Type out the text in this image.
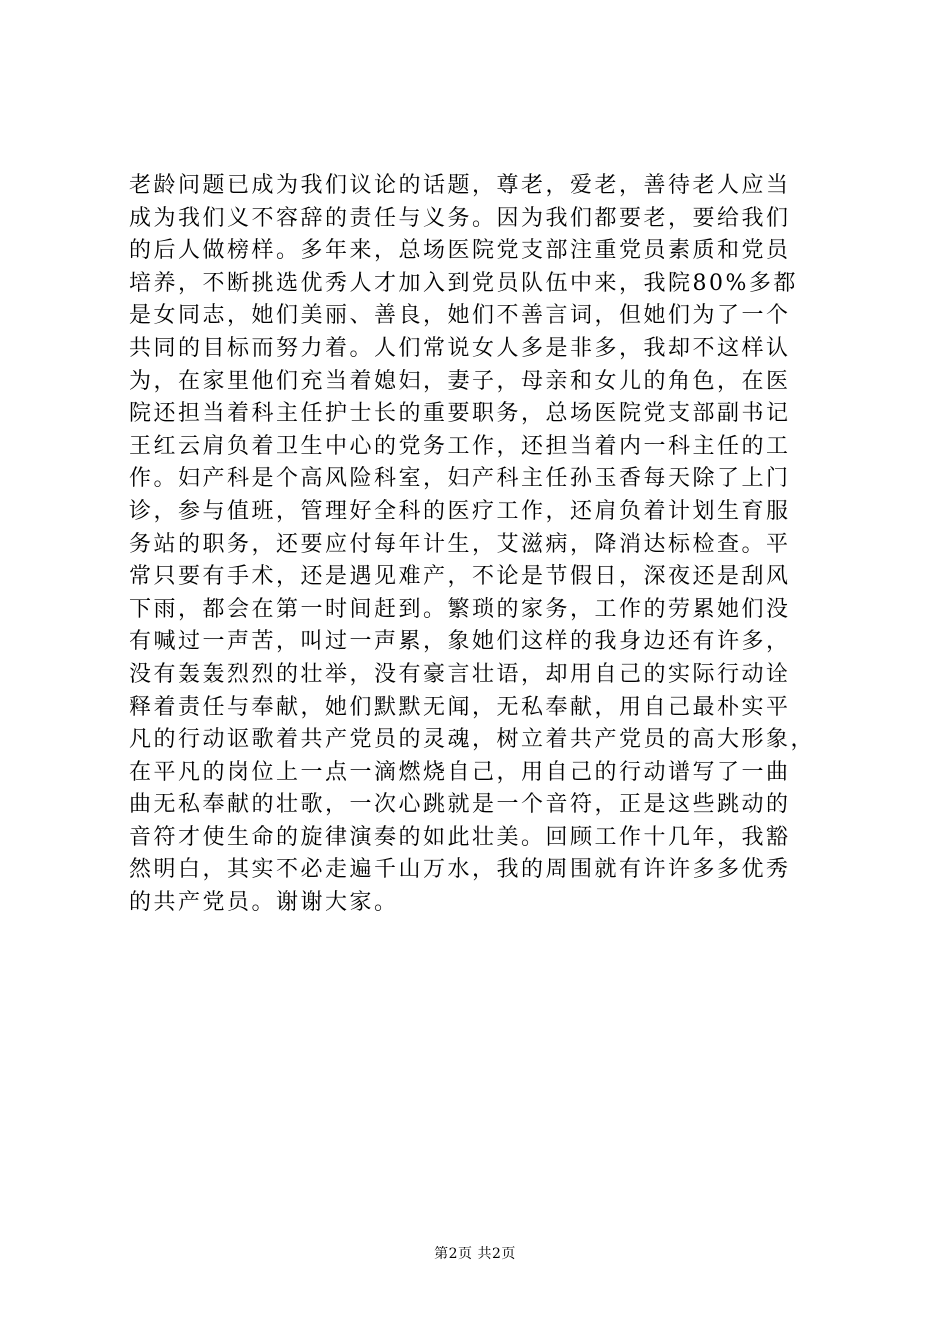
老龄问题已成为我们议论的话题，尊老，爱老，善待老人应当
成为我们义不容辞的责任与义务。因为我们都要老，要给我们
的后人做榜样。多年来，总场医院党支部注重党员素质和党员
培养，不断挑选优秀人才加入到党员队伍中来，我院80%多都
是女同志，她们美丽、善良，她们不善言词，但她们为了一个
共同的目标而努力着。人们常说女人多是非多，我却不这样认
为，在家里他们充当着媳妇，妻子，母亲和女儿的角色，在医
院还担当着科主任护士长的重要职务，总场医院党支部副书记
王红云肩负着卫生中心的党务工作，还担当着内一科主任的工
作。妇产科是个高风险科室，妇产科主任孙玉香每天除了上门
诊，参与值班，管理好全科的医疗工作，还肩负着计划生育服
务站的职务，还要应付每年计生，艾滋病，降消达标检查。平
常只要有手术，还是遇见难产，不论是节假日，深夜还是刮风
下雨，都会在第一时间赶到。繁琐的家务，工作的劳累她们没
有喊过一声苦，叫过一声累，象她们这样的我身边还有许多，
没有轰轰烈烈的壮举，没有豪言壮语，却用自己的实际行动诠
释着责任与奉献，她们默默无闻，无私奉献，用自己最朴实平
凡的行动讴歌着共产党员的灵魂，树立着共产党员的高大形象，
在平凡的岗位上一点一滴燃烧自己，用自己的行动谱写了一曲
曲无私奉献的壮歌，一次心跳就是一个音符，正是这些跳动的
音符才使生命的旋律演奏的如此壮美。回顾工作十几年，我豁
然明白，其实不必走遍千山万水，我的周围就有许许多多优秀
的共产党员。谢谢大家。
第2页 共2页
